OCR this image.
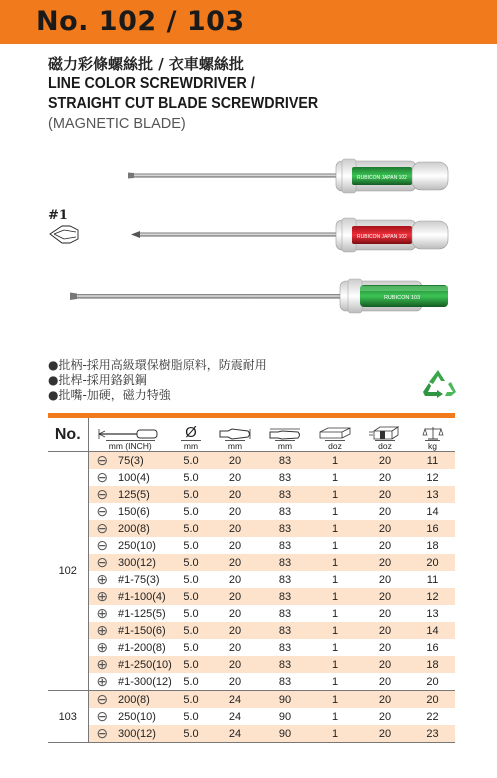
No. 102 / 103
磁力彩條螺絲批 / 衣車螺絲批
LINE COLOR SCREWDRIVER /
STRAIGHT CUT BLADE SCREWDRIVER
(MAGNETIC BLADE)
RUBICON JAPAN 102
RUBICON JAPAN 102
RUBICON 103
#1
●批柄-採用高級環保樹脂原料，防震耐用
●批桿-採用鉻釩鋼
●批嘴-加硬，磁力特強
No.	mm (INCH)		Ø
mm	mm	mm	doz	doz	kg

102	⊖	75(3)	5.0	20	83	1	20	11
	⊖	100(4)	5.0	20	83	1	20	12
	⊖	125(5)	5.0	20	83	1	20	13
	⊖	150(6)	5.0	20	83	1	20	14
	⊖	200(8)	5.0	20	83	1	20	16
	⊖	250(10)	5.0	20	83	1	20	18
	⊖	300(12)	5.0	20	83	1	20	20
	⊕	#1-75(3)	5.0	20	83	1	20	11
	⊕	#1-100(4)	5.0	20	83	1	20	12
	⊕	#1-125(5)	5.0	20	83	1	20	13
	⊕	#1-150(6)	5.0	20	83	1	20	14
	⊕	#1-200(8)	5.0	20	83	1	20	16
	⊕	#1-250(10)	5.0	20	83	1	20	18
	⊕	#1-300(12)	5.0	20	83	1	20	20
103	⊖	200(8)	5.0	24	90	1	20	20
	⊖	250(10)	5.0	24	90	1	20	22
	⊖	300(12)	5.0	24	90	1	20	23
